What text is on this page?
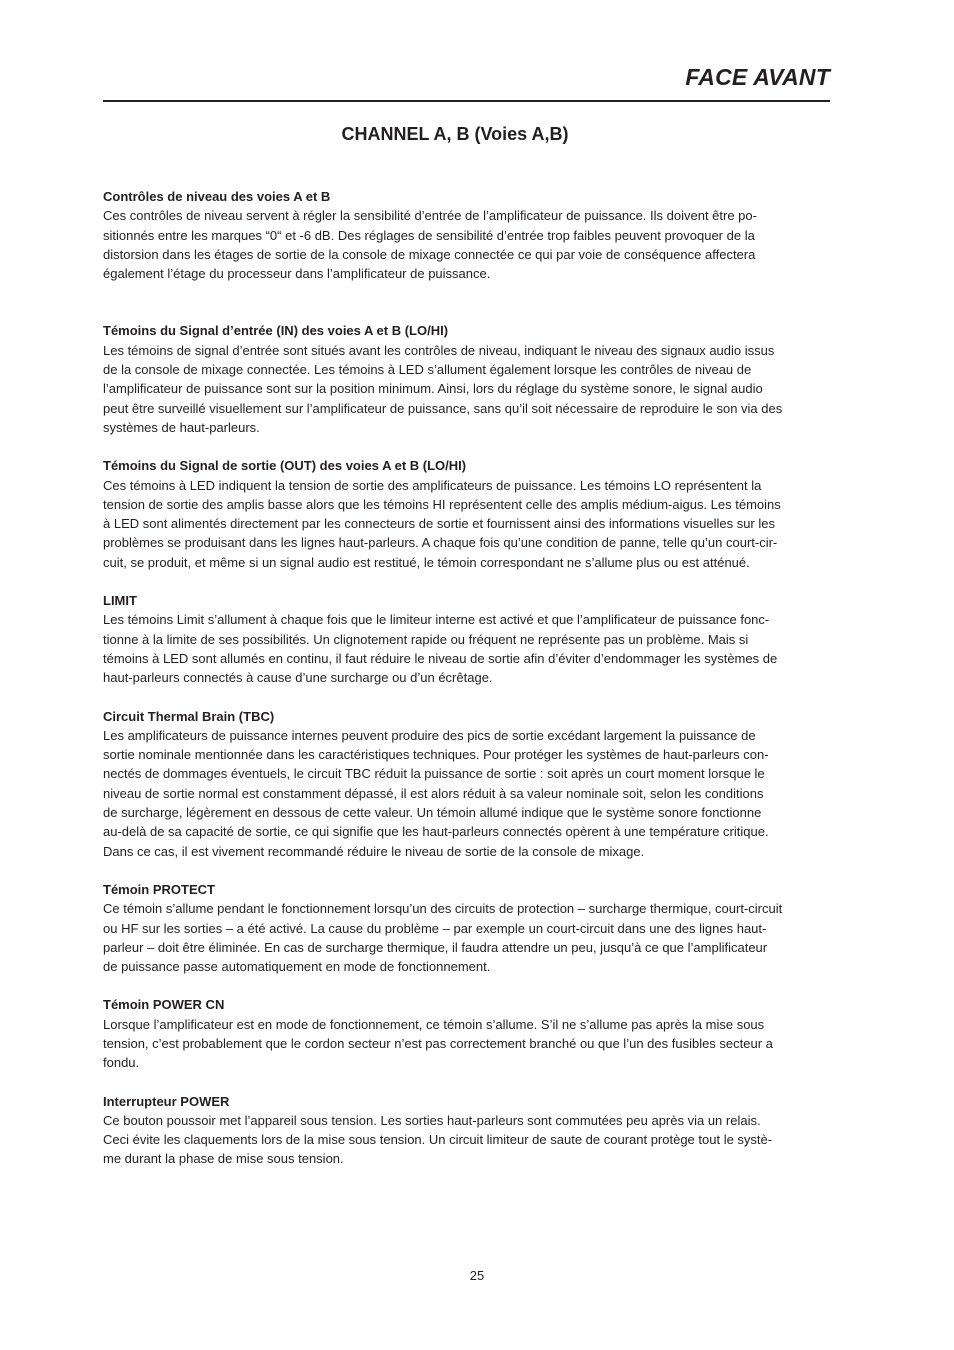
FACE AVANT
CHANNEL A, B (Voies A,B)

Contrôles de niveau des voies A et B

Ces contrôles de niveau servent à régler la sensibilité d’entrée de l’amplificateur de puissance. Ils doivent être po-

sitionnés entre les marques “0“ et -6 dB. Des réglages de sensibilité d’entrée trop faibles peuvent provoquer de la

distorsion dans les étages de sortie de la console de mixage connectée ce qui par voie de conséquence affectera

également l’étage du processeur dans l’amplificateur de puissance.

Témoins du Signal d’entrée (IN) des voies A et B (LO/HI)

Les témoins de signal d’entrée sont situés avant les contrôles de niveau, indiquant le niveau des signaux audio issus

de la console de mixage connectée. Les témoins à LED s’allument également lorsque les contrôles de niveau de

l’amplificateur de puissance sont sur la position minimum. Ainsi, lors du réglage du système sonore, le signal audio

peut être surveillé visuellement sur l’amplificateur de puissance, sans qu’il soit nécessaire de reproduire le son via des

systèmes de haut-parleurs.

Témoins du Signal de sortie (OUT) des voies A et B (LO/HI)

Ces témoins à LED indiquent la tension de sortie des amplificateurs de puissance. Les témoins LO représentent la

tension de sortie des amplis basse alors que les témoins HI représentent celle des amplis médium-aigus. Les témoins

à LED sont alimentés directement par les connecteurs de sortie et fournissent ainsi des informations visuelles sur les

problèmes se produisant dans les lignes haut-parleurs. A chaque fois qu’une condition de panne, telle qu’un court-cir-

cuit, se produit, et même si un signal audio est restitué, le témoin correspondant ne s’allume plus ou est atténué.

LIMIT

Les témoins Limit s’allument à chaque fois que le limiteur interne est activé et que l’amplificateur de puissance fonc-

tionne à la limite de ses possibilités. Un clignotement rapide ou fréquent ne représente pas un problème. Mais si

témoins à LED sont allumés en continu, il faut réduire le niveau de sortie afin d’éviter d’endommager les systèmes de

haut-parleurs connectés à cause d’une surcharge ou d’un écrêtage.

Circuit Thermal Brain (TBC)

Les amplificateurs de puissance internes peuvent produire des pics de sortie excédant largement la puissance de

sortie nominale mentionnée dans les caractéristiques techniques. Pour protéger les systèmes de haut-parleurs con-

nectés de dommages éventuels, le circuit TBC réduit la puissance de sortie : soit après un court moment lorsque le

niveau de sortie normal est constamment dépassé, il est alors réduit à sa valeur nominale soit, selon les conditions

de surcharge, légèrement en dessous de cette valeur. Un témoin allumé indique que le système sonore fonctionne

au-delà de sa capacité de sortie, ce qui signifie que les haut-parleurs connectés opèrent à une température critique.

Dans ce cas, il est vivement recommandé réduire le niveau de sortie de la console de mixage.

Témoin PROTECT

Ce témoin s’allume pendant le fonctionnement lorsqu’un des circuits de protection – surcharge thermique, court-circuit

ou HF sur les sorties – a été activé. La cause du problème – par exemple un court-circuit dans une des lignes haut-

parleur – doit être éliminée. En cas de surcharge thermique, il faudra attendre un peu, jusqu’à ce que l’amplificateur

de puissance passe automatiquement en mode de fonctionnement.

Témoin POWER CN

Lorsque l’amplificateur est en mode de fonctionnement, ce témoin s’allume. S’il ne s’allume pas après la mise sous

tension, c’est probablement que le cordon secteur n’est pas correctement branché ou que l’un des fusibles secteur a

fondu.

Interrupteur POWER

Ce bouton poussoir met l’appareil sous tension. Les sorties haut-parleurs sont commutées peu après via un relais.

Ceci évite les claquements lors de la mise sous tension. Un circuit limiteur de saute de courant protège tout le systè-

me durant la phase de mise sous tension.

25
